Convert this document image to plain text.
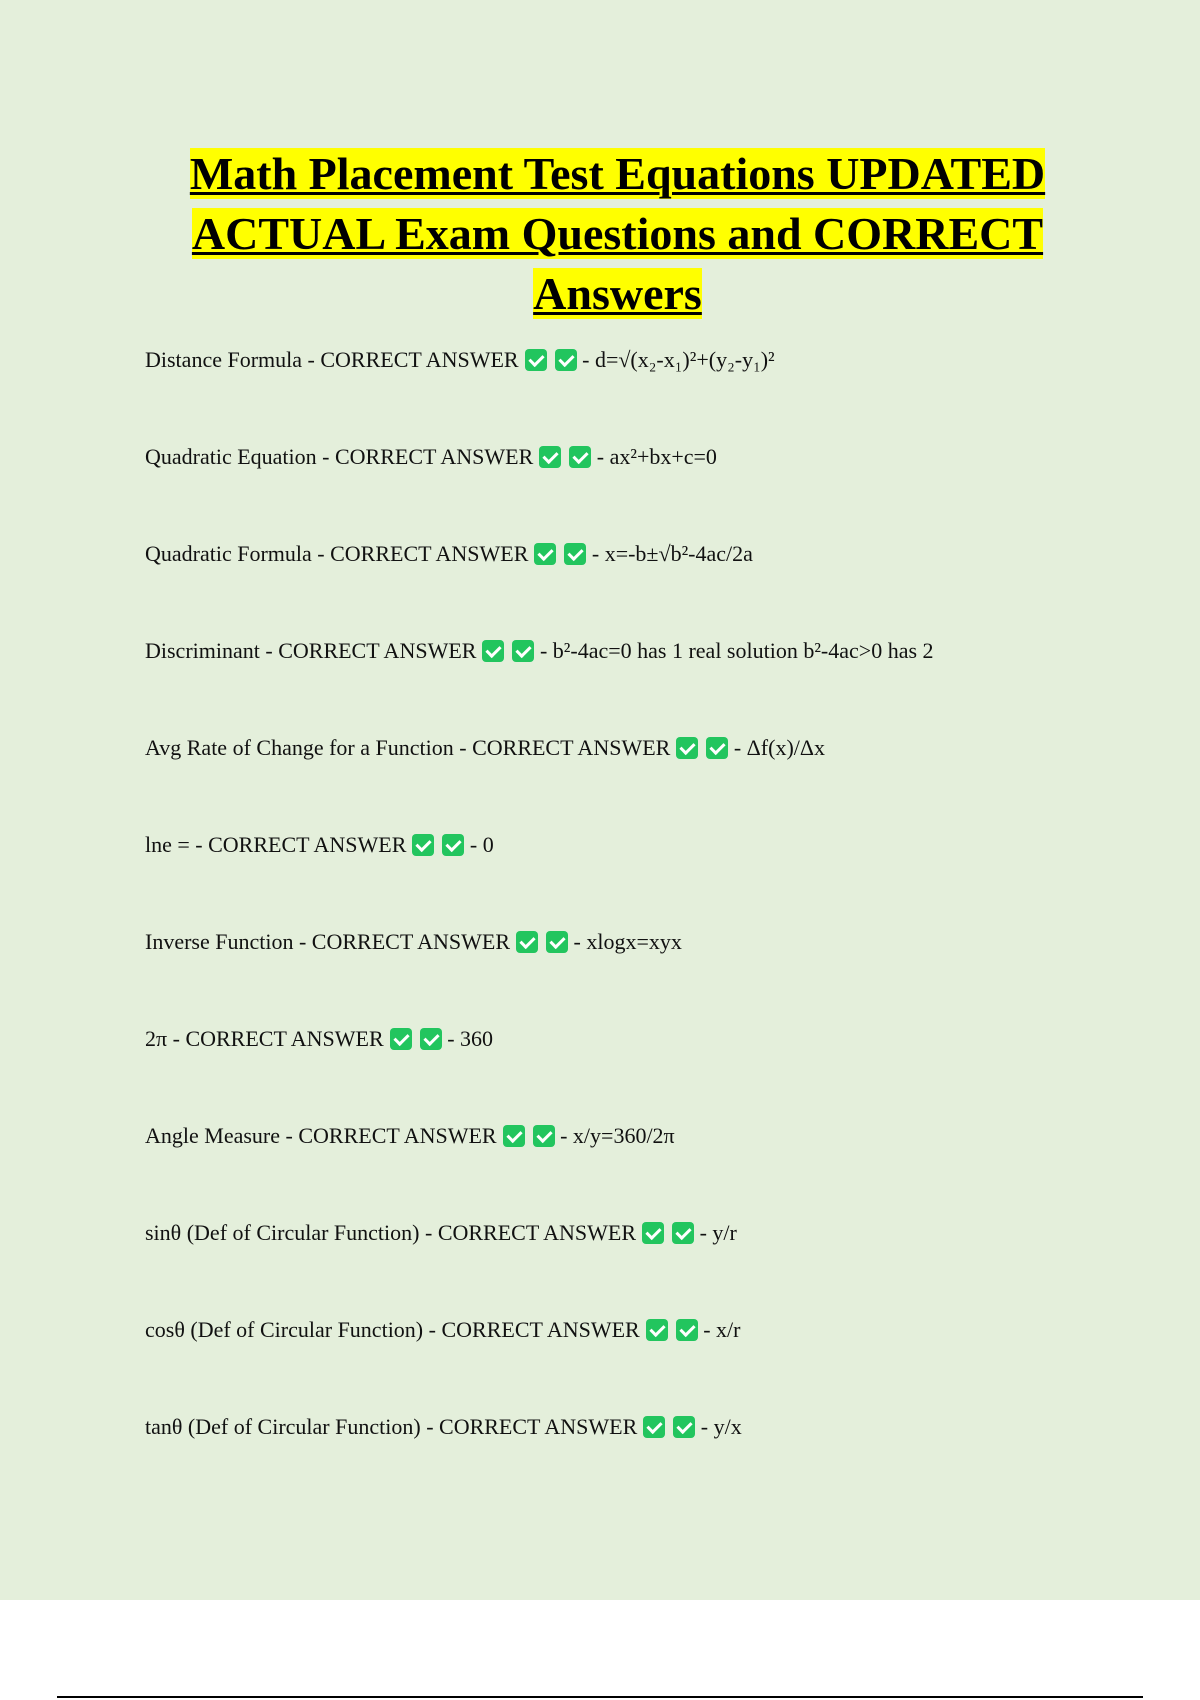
Math Placement Test Equations UPDATED
ACTUAL Exam Questions and CORRECT
Answers
Distance Formula - CORRECT ANSWER	- d=√(x₂-x₁)²+(y₂-y₁)²
Quadratic Equation - CORRECT ANSWER	- ax²+bx+c=0
Quadratic Formula - CORRECT ANSWER	- x=-b±√b²-4ac/2a
Discriminant - CORRECT ANSWER	- b²-4ac=0 has 1 real solution b²-4ac>0 has 2
Avg Rate of Change for a Function - CORRECT ANSWER	- Δf(x)/Δx
lne = - CORRECT ANSWER	- 0
Inverse Function - CORRECT ANSWER	- xlogx=xyx
2π - CORRECT ANSWER	- 360
Angle Measure - CORRECT ANSWER	- x/y=360/2π
sinθ (Def of Circular Function) - CORRECT ANSWER	- y/r
cosθ (Def of Circular Function) - CORRECT ANSWER	- x/r
tanθ (Def of Circular Function) - CORRECT ANSWER	- y/x
